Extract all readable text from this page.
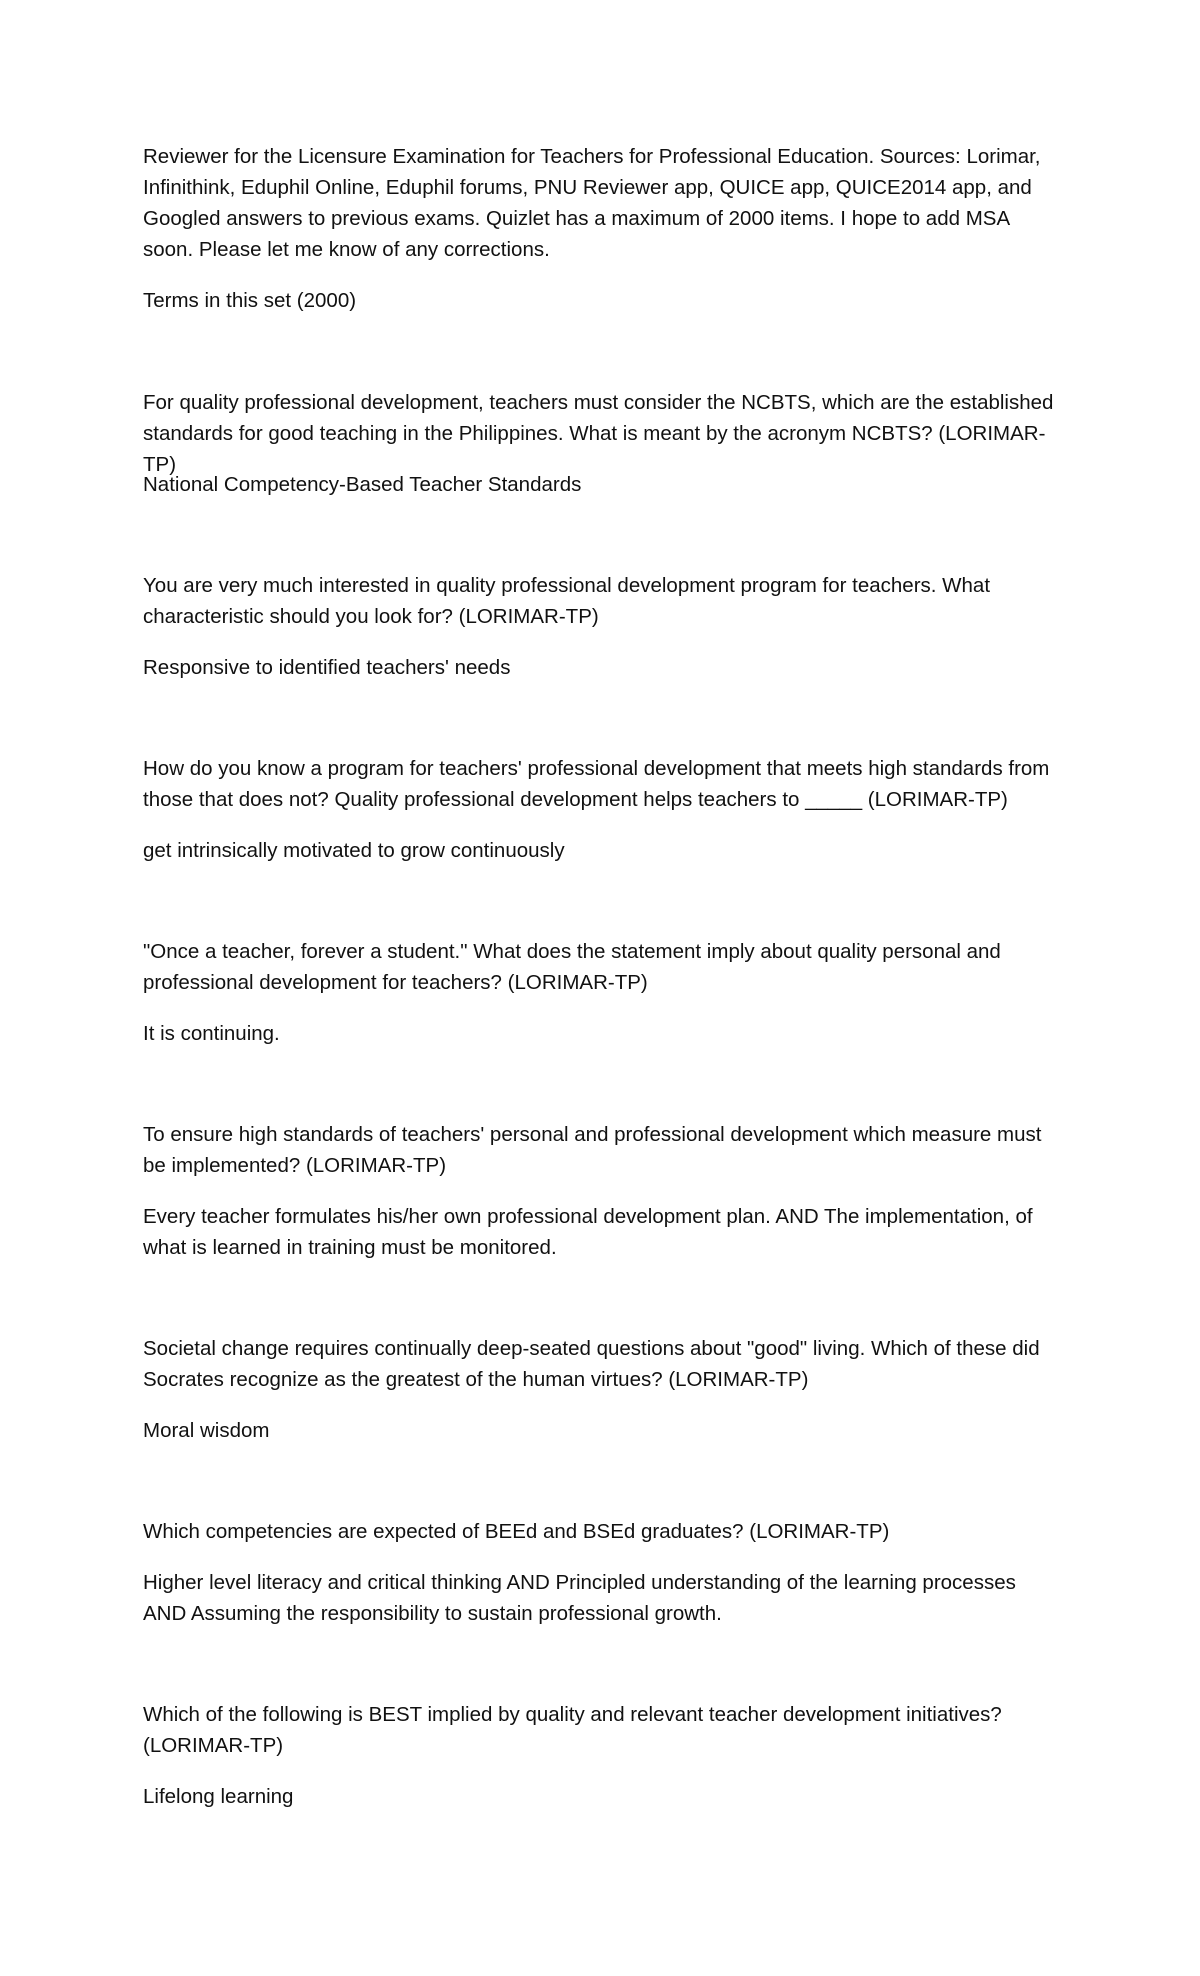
Reviewer for the Licensure Examination for Teachers for Professional Education. Sources: Lorimar, Infinithink, Eduphil Online, Eduphil forums, PNU Reviewer app, QUICE app, QUICE2014 app, and Googled answers to previous exams. Quizlet has a maximum of 2000 items. I hope to add MSA soon. Please let me know of any corrections.

Terms in this set (2000)

For quality professional development, teachers must consider the NCBTS, which are the established standards for good teaching in the Philippines. What is meant by the acronym NCBTS? (LORIMAR-TP)

National Competency-Based Teacher Standards

You are very much interested in quality professional development program for teachers. What characteristic should you look for? (LORIMAR-TP)

Responsive to identified teachers' needs

How do you know a program for teachers' professional development that meets high standards from those that does not? Quality professional development helps teachers to _____ (LORIMAR-TP)

get intrinsically motivated to grow continuously

"Once a teacher, forever a student." What does the statement imply about quality personal and professional development for teachers? (LORIMAR-TP)

It is continuing.

To ensure high standards of teachers' personal and professional development which measure must be implemented? (LORIMAR-TP)

Every teacher formulates his/her own professional development plan. AND The implementation, of what is learned in training must be monitored.

Societal change requires continually deep-seated questions about "good" living. Which of these did Socrates recognize as the greatest of the human virtues? (LORIMAR-TP)

Moral wisdom

Which competencies are expected of BEEd and BSEd graduates? (LORIMAR-TP)

Higher level literacy and critical thinking AND Principled understanding of the learning processes AND Assuming the responsibility to sustain professional growth.

Which of the following is BEST implied by quality and relevant teacher development initiatives? (LORIMAR-TP)

Lifelong learning
